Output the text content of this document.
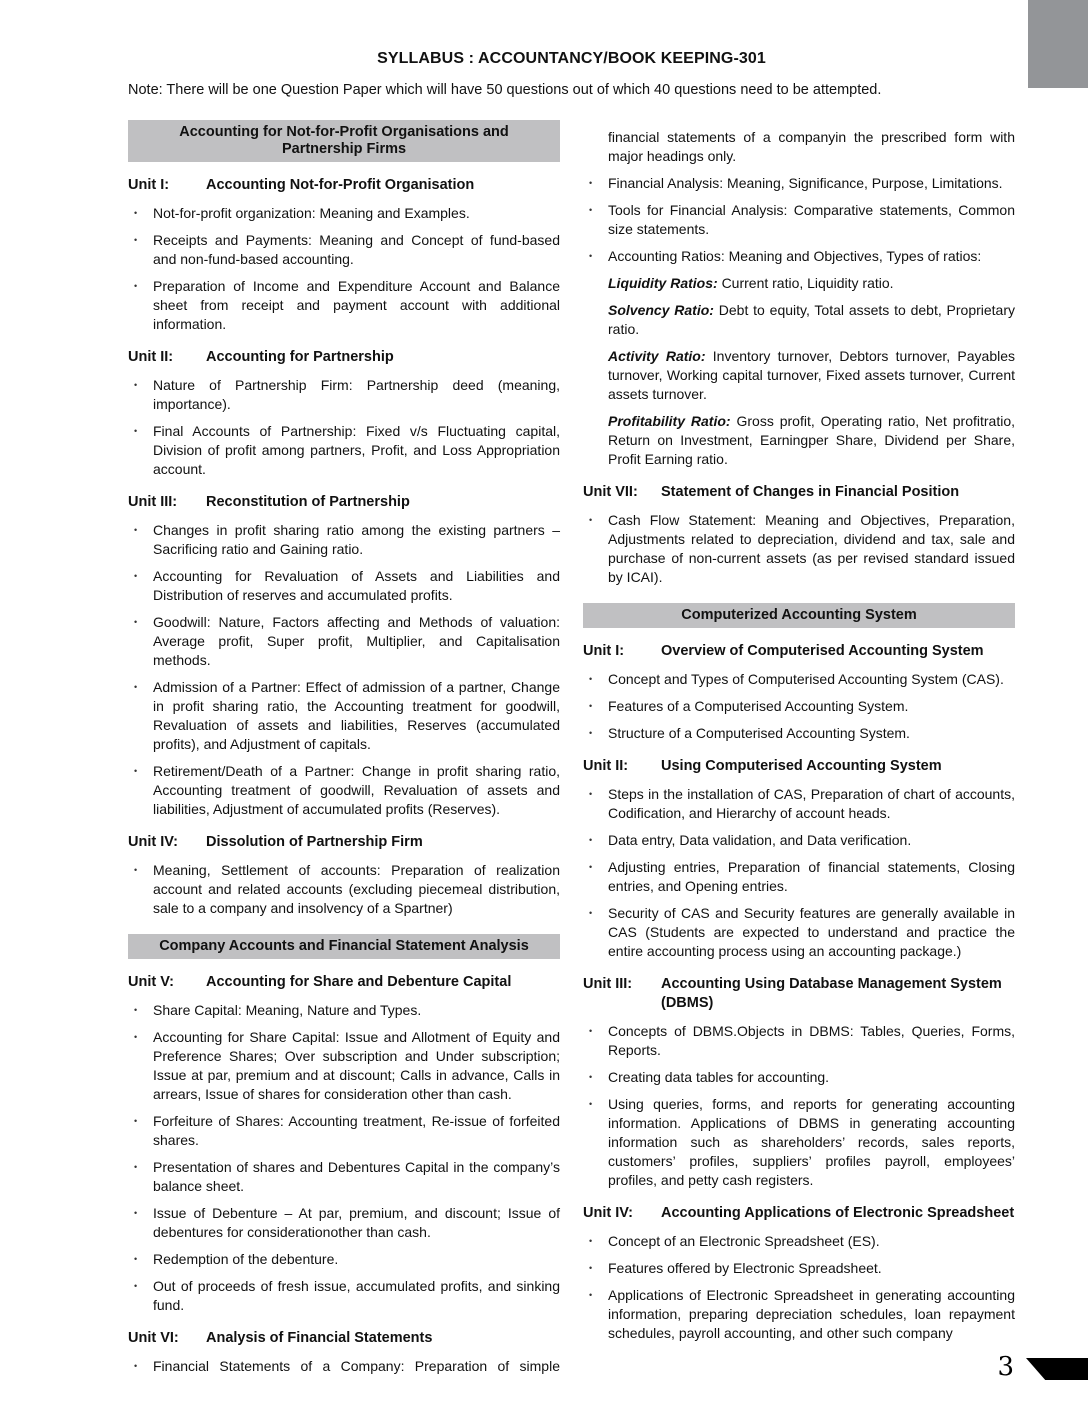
SYLLABUS : ACCOUNTANCY/BOOK KEEPING-301

Note: There will be one Question Paper which will have 50 questions out of which 40 questions need to be attempted.

Accounting for Not-for-Profit Organisations and Partnership Firms
Unit I:	Accounting Not-for-Profit Organisation
•	Not-for-profit organization: Meaning and Examples.
•	Receipts and Payments: Meaning and Concept of fund-based and non-fund-based accounting.
•	Preparation of Income and Expenditure Account and Balance sheet from receipt and payment account with additional information.
Unit II:	Accounting for Partnership
•	Nature of Partnership Firm: Partnership deed (meaning, importance).
•	Final Accounts of Partnership: Fixed v/s Fluctuating capital, Division of profit among partners, Profit, and Loss Appropriation account.
Unit III:	Reconstitution of Partnership
•	Changes in profit sharing ratio among the existing partners – Sacrificing ratio and Gaining ratio.
•	Accounting for Revaluation of Assets and Liabilities and Distribution of reserves and accumulated profits.
•	Goodwill: Nature, Factors affecting and Methods of valuation: Average profit, Super profit, Multiplier, and Capitalisation methods.
•	Admission of a Partner: Effect of admission of a partner, Change in profit sharing ratio, the Accounting treatment for goodwill, Revaluation of assets and liabilities, Reserves (accumulated profits), and Adjustment of capitals.
•	Retirement/Death of a Partner: Change in profit sharing ratio, Accounting treatment of goodwill, Revaluation of assets and liabilities, Adjustment of accumulated profits (Reserves).
Unit IV:	Dissolution of Partnership Firm
•	Meaning, Settlement of accounts: Preparation of realization account and related accounts (excluding piecemeal distribution, sale to a company and insolvency of a Spartner)
Company Accounts and Financial Statement Analysis
Unit V:	Accounting for Share and Debenture Capital
•	Share Capital: Meaning, Nature and Types.
•	Accounting for Share Capital: Issue and Allotment of Equity and Preference Shares; Over subscription and Under subscription; Issue at par, premium and at discount; Calls in advance, Calls in arrears, Issue of shares for consideration other than cash.
•	Forfeiture of Shares: Accounting treatment, Re-issue of forfeited shares.
•	Presentation of shares and Debentures Capital in the company’s balance sheet.
•	Issue of Debenture – At par, premium, and discount; Issue of debentures for considerationother than cash.
•	Redemption of the debenture.
•	Out of proceeds of fresh issue, accumulated profits, and sinking fund.
Unit VI:	Analysis of Financial Statements
•	Financial Statements of a Company: Preparation of simple

financial statements of a companyin the prescribed form with major headings only.

•	Financial Analysis: Meaning, Significance, Purpose, Limitations.
•	Tools for Financial Analysis: Comparative statements, Common size statements.
•	Accounting Ratios: Meaning and Objectives, Types of ratios:

Liquidity Ratios: Current ratio, Liquidity ratio.

Solvency Ratio: Debt to equity, Total assets to debt, Proprietary ratio.

Activity Ratio: Inventory turnover, Debtors turnover, Payables turnover, Working capital turnover, Fixed assets turnover, Current assets turnover.

Profitability Ratio: Gross profit, Operating ratio, Net profitratio, Return on Investment, Earningper Share, Dividend per Share, Profit Earning ratio.

Unit VII:	Statement of Changes in Financial Position
•	Cash Flow Statement: Meaning and Objectives, Preparation, Adjustments related to depreciation, dividend and tax, sale and purchase of non-current assets (as per revised standard issued by ICAI).
Computerized Accounting System
Unit I:	Overview of Computerised Accounting System
•	Concept and Types of Computerised Accounting System (CAS).
•	Features of a Computerised Accounting System.
•	Structure of a Computerised Accounting System.
Unit II:	Using Computerised Accounting System
•	Steps in the installation of CAS, Preparation of chart of accounts, Codification, and Hierarchy of account heads.
•	Data entry, Data validation, and Data verification.
•	Adjusting entries, Preparation of financial statements, Closing entries, and Opening entries.
•	Security of CAS and Security features are generally available in CAS (Students are expected to understand and practice the entire accounting process using an accounting package.)
Unit III:	Accounting Using Database Management System (DBMS)
•	Concepts of DBMS.Objects in DBMS: Tables, Queries, Forms, Reports.
•	Creating data tables for accounting.
•	Using queries, forms, and reports for generating accounting information. Applications of DBMS in generating accounting information such as shareholders’ records, sales reports, customers’ profiles, suppliers’ profiles payroll, employees’ profiles, and petty cash registers.
Unit IV:	Accounting Applications of Electronic Spreadsheet
•	Concept of an Electronic Spreadsheet (ES).
•	Features offered by Electronic Spreadsheet.
•	Applications of Electronic Spreadsheet in generating accounting information, preparing depreciation schedules, loan repayment schedules, payroll accounting, and other such company
3
